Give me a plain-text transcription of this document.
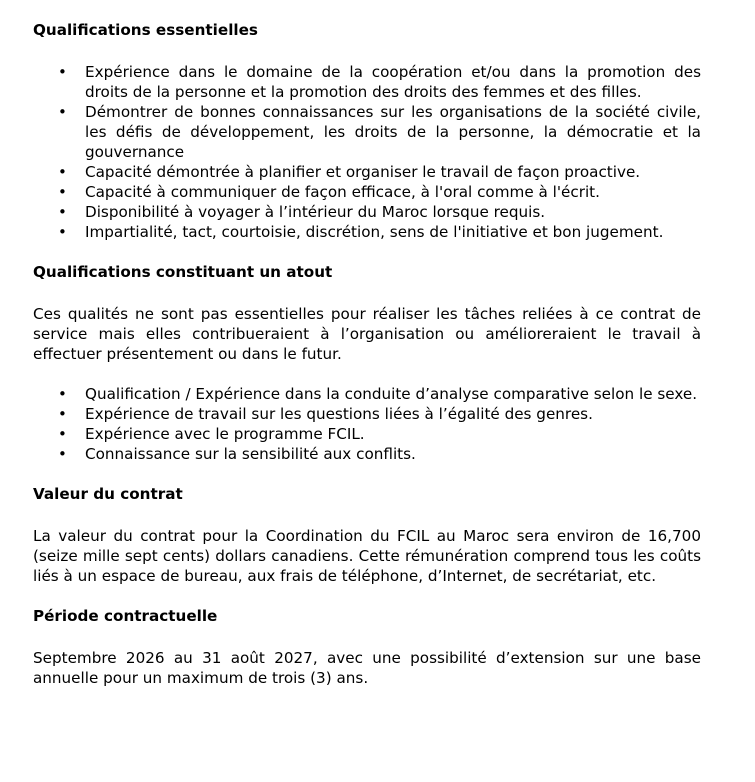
Qualifications essentielles
• Expérience dans le domaine de la coopération et/ou dans la promotion des droits de la personne et la promotion des droits des femmes et des filles.
• Démontrer de bonnes connaissances sur les organisations de la société civile, les défis de développement, les droits de la personne, la démocratie et la gouvernance
• Capacité démontrée à planifier et organiser le travail de façon proactive.
• Capacité à communiquer de façon efficace, à l'oral comme à l'écrit.
• Disponibilité à voyager à l’intérieur du Maroc lorsque requis.
• Impartialité, tact, courtoisie, discrétion, sens de l'initiative et bon jugement.
Qualifications constituant un atout

Ces qualités ne sont pas essentielles pour réaliser les tâches reliées à ce contrat de service mais elles contribueraient à l’organisation ou amélioreraient le travail à effectuer présentement ou dans le futur.

• Qualification / Expérience dans la conduite d’analyse comparative selon le sexe.
• Expérience de travail sur les questions liées à l’égalité des genres.
• Expérience avec le programme FCIL.
• Connaissance sur la sensibilité aux conflits.
Valeur du contrat

La valeur du contrat pour la Coordination du FCIL au Maroc sera environ de 16,700 (seize mille sept cents) dollars canadiens. Cette rémunération comprend tous les coûts liés à un espace de bureau, aux frais de téléphone, d’Internet, de secrétariat, etc.

Période contractuelle

Septembre 2026 au 31 août 2027, avec une possibilité d’extension sur une base annuelle pour un maximum de trois (3) ans.
